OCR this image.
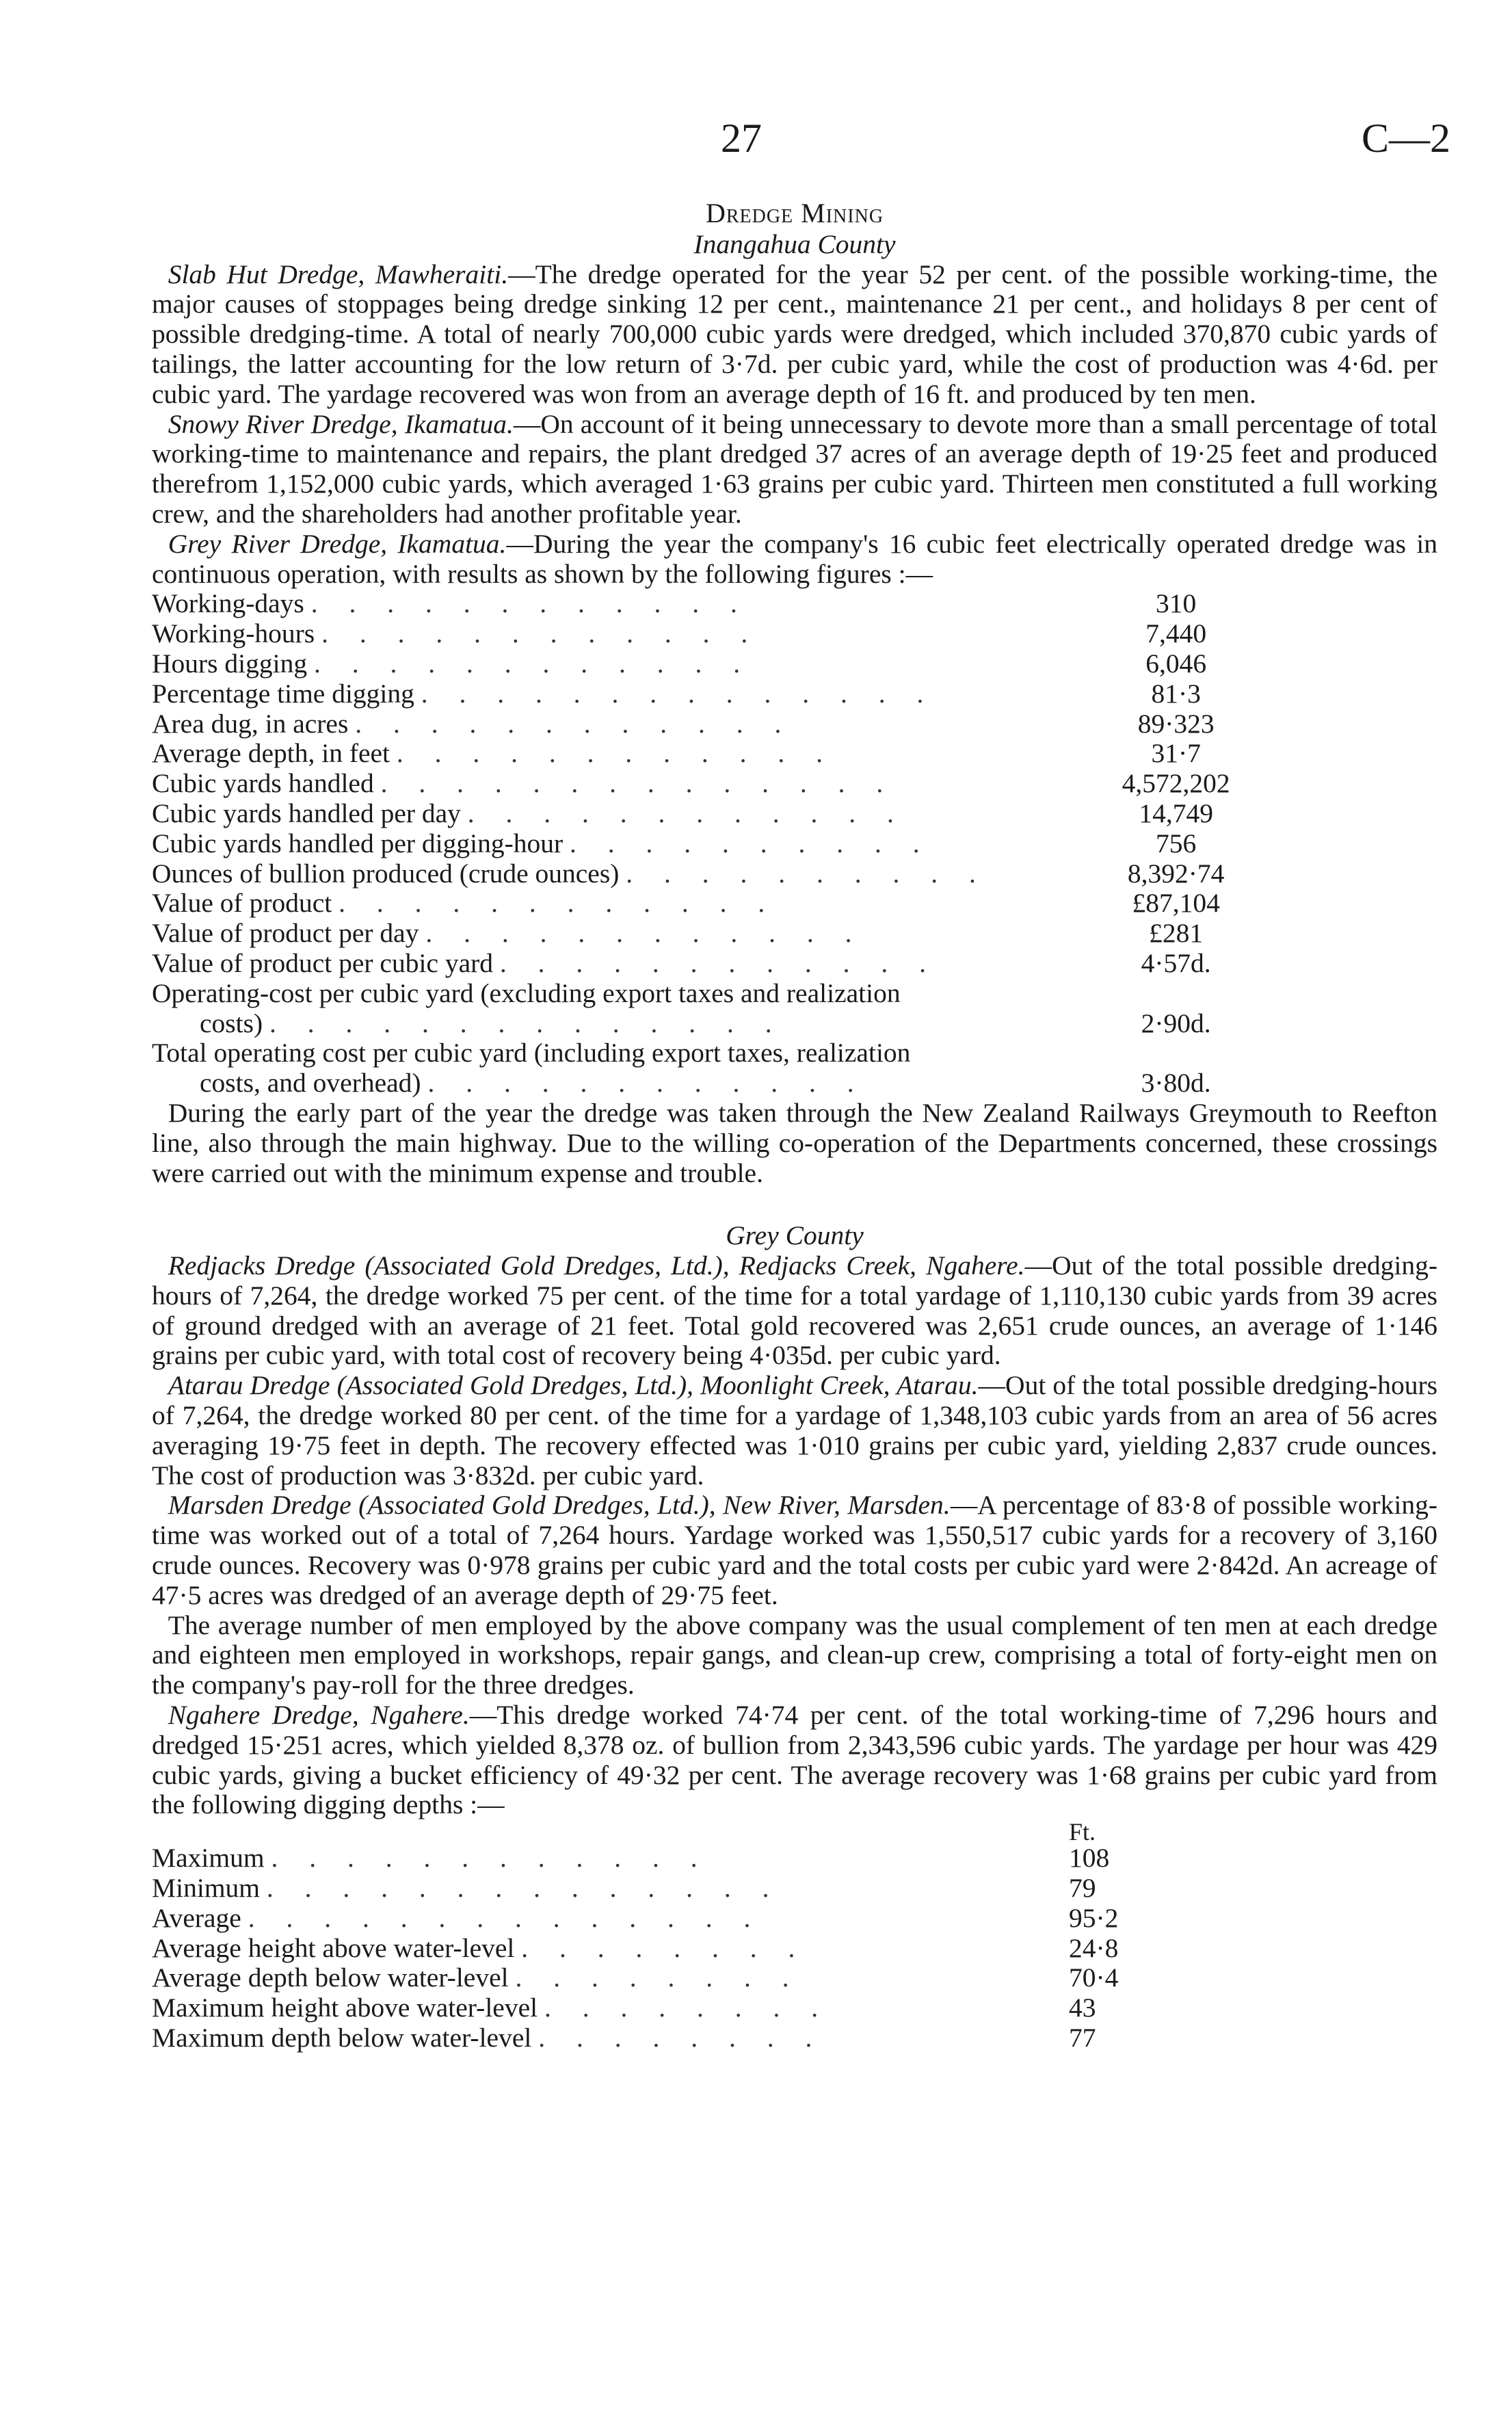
27	C—2
Dredge Mining
Inangahua County

Slab Hut Dredge, Mawheraiti.—The dredge operated for the year 52 per cent. of the possible working-time, the major causes of stoppages being dredge sinking 12 per cent., maintenance 21 per cent., and holidays 8 per cent of possible dredging-time. A total of nearly 700,000 cubic yards were dredged, which included 370,870 cubic yards of tailings, the latter accounting for the low return of 3·7d. per cubic yard, while the cost of production was 4·6d. per cubic yard. The yardage recovered was won from an average depth of 16 ft. and produced by ten men.

Snowy River Dredge, Ikamatua.—On account of it being unnecessary to devote more than a small percentage of total working-time to maintenance and repairs, the plant dredged 37 acres of an average depth of 19·25 feet and produced therefrom 1,152,000 cubic yards, which averaged 1·63 grains per cubic yard. Thirteen men constituted a full working crew, and the shareholders had another profitable year.

Grey River Dredge, Ikamatua.—During the year the company's 16 cubic feet electrically operated dredge was in continuous operation, with results as shown by the following figures :—

Working-days . . . . . . . . . . . .	310
Working-hours . . . . . . . . . . . .	7,440
Hours digging . . . . . . . . . . . .	6,046
Percentage time digging . . . . . . . . . . . . . .	81·3
Area dug, in acres . . . . . . . . . . . .	89·323
Average depth, in feet . . . . . . . . . . . .	31·7
Cubic yards handled . . . . . . . . . . . . . .	4,572,202
Cubic yards handled per day . . . . . . . . . . . .	14,749
Cubic yards handled per digging-hour . . . . . . . . . .	756
Ounces of bullion produced (crude ounces) . . . . . . . . . .	8,392·74
Value of product . . . . . . . . . . . .	£87,104
Value of product per day . . . . . . . . . . . .	£281
Value of product per cubic yard . . . . . . . . . . . .	4·57d.
Operating-cost per cubic yard (excluding export taxes and realization	
costs) . . . . . . . . . . . . . .	2·90d.
Total operating cost per cubic yard (including export taxes, realization	
costs, and overhead) . . . . . . . . . . . .	3·80d.

During the early part of the year the dredge was taken through the New Zealand Railways Greymouth to Reefton line, also through the main highway. Due to the willing co-operation of the Departments concerned, these crossings were carried out with the minimum expense and trouble.

Grey County

Redjacks Dredge (Associated Gold Dredges, Ltd.), Redjacks Creek, Ngahere.—Out of the total possible dredging-hours of 7,264, the dredge worked 75 per cent. of the time for a total yardage of 1,110,130 cubic yards from 39 acres of ground dredged with an average of 21 feet. Total gold recovered was 2,651 crude ounces, an average of 1·146 grains per cubic yard, with total cost of recovery being 4·035d. per cubic yard.

Atarau Dredge (Associated Gold Dredges, Ltd.), Moonlight Creek, Atarau.—Out of the total possible dredging-hours of 7,264, the dredge worked 80 per cent. of the time for a yardage of 1,348,103 cubic yards from an area of 56 acres averaging 19·75 feet in depth. The recovery effected was 1·010 grains per cubic yard, yielding 2,837 crude ounces. The cost of production was 3·832d. per cubic yard.

Marsden Dredge (Associated Gold Dredges, Ltd.), New River, Marsden.—A percentage of 83·8 of possible working-time was worked out of a total of 7,264 hours. Yardage worked was 1,550,517 cubic yards for a recovery of 3,160 crude ounces. Recovery was 0·978 grains per cubic yard and the total costs per cubic yard were 2·842d. An acreage of 47·5 acres was dredged of an average depth of 29·75 feet.

The average number of men employed by the above company was the usual complement of ten men at each dredge and eighteen men employed in workshops, repair gangs, and clean-up crew, comprising a total of forty-eight men on the company's pay-roll for the three dredges.

Ngahere Dredge, Ngahere.—This dredge worked 74·74 per cent. of the total working-time of 7,296 hours and dredged 15·251 acres, which yielded 8,378 oz. of bullion from 2,343,596 cubic yards. The yardage per hour was 429 cubic yards, giving a bucket efficiency of 49·32 per cent. The average recovery was 1·68 grains per cubic yard from the following digging depths :—

	Ft.
Maximum . . . . . . . . . . . .	108
Minimum . . . . . . . . . . . . . .	79
Average . . . . . . . . . . . . . .	95·2
Average height above water-level . . . . . . . .	24·8
Average depth below water-level . . . . . . . .	70·4
Maximum height above water-level . . . . . . . .	43
Maximum depth below water-level . . . . . . . .	77
